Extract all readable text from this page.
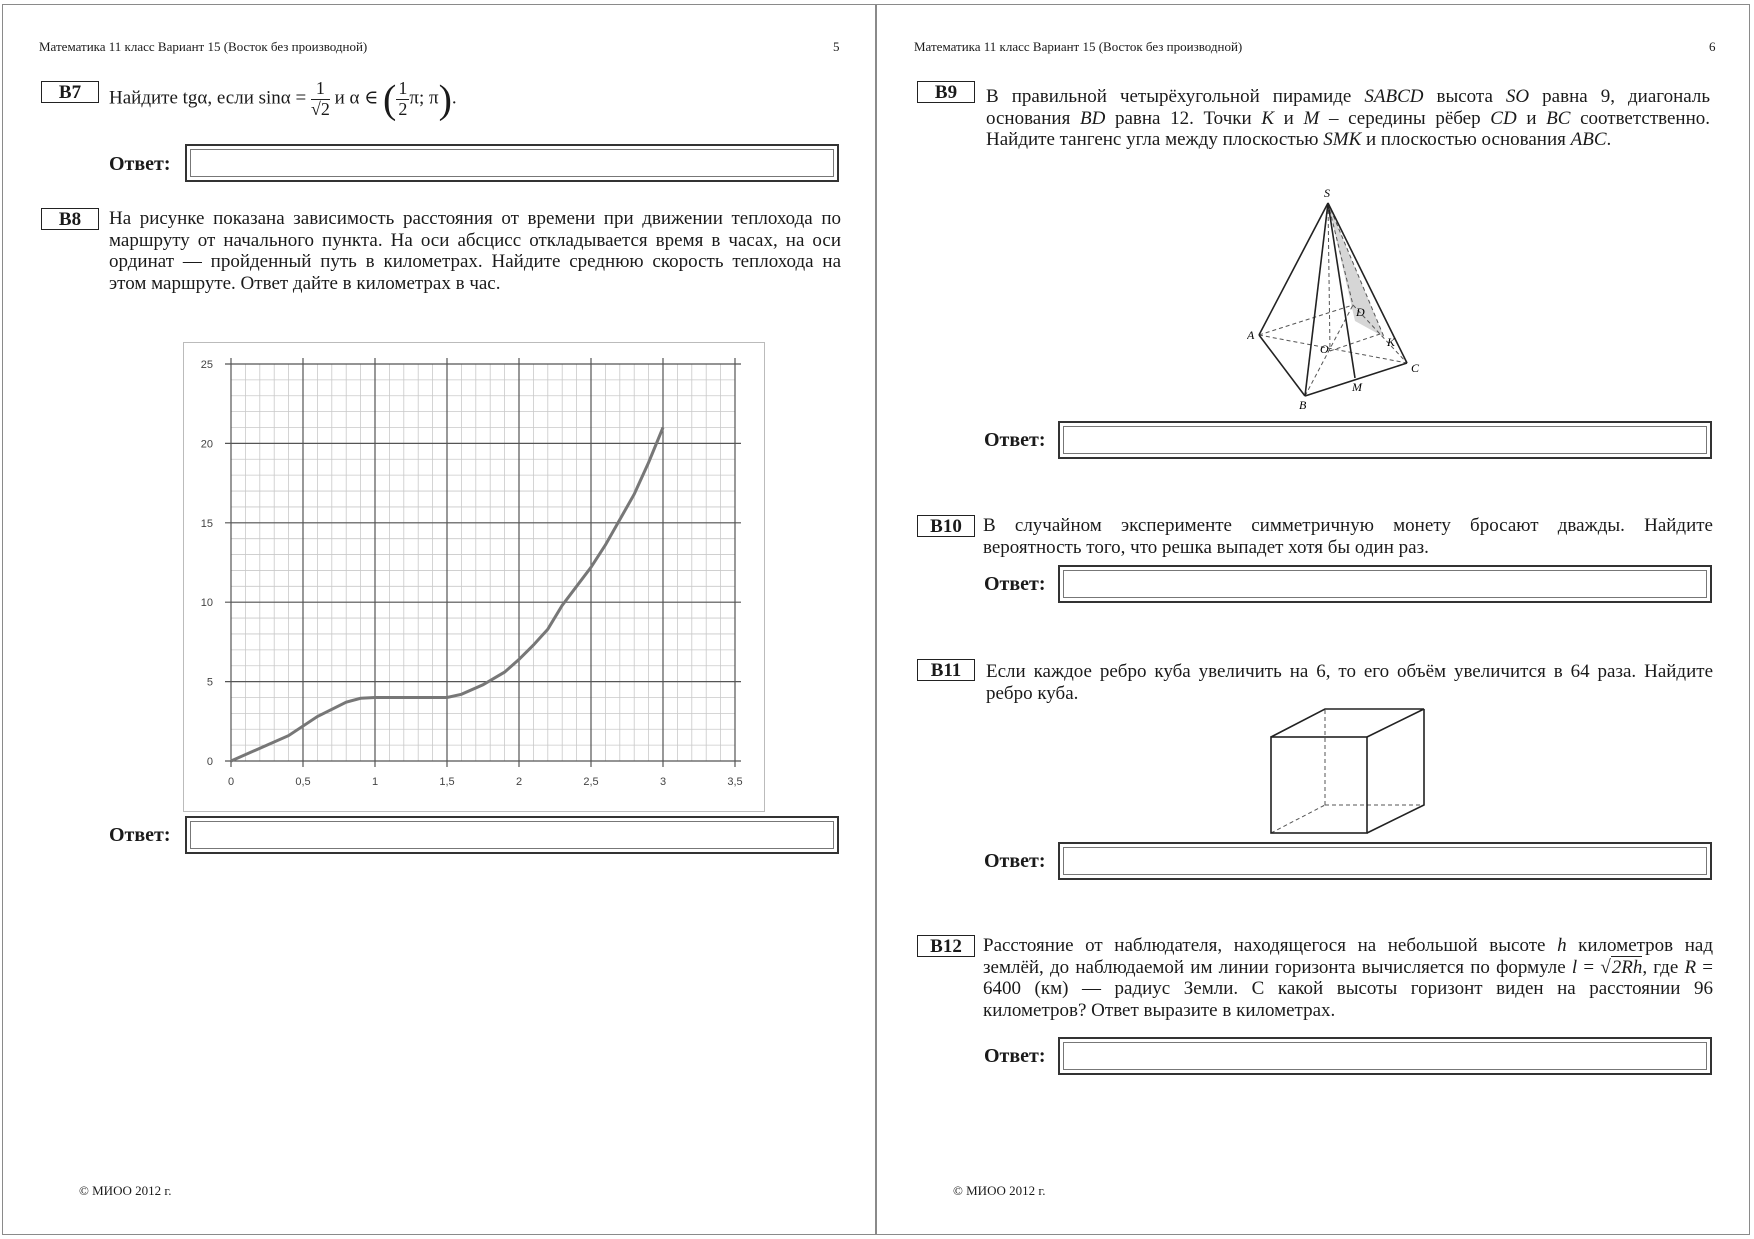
Математика 11 класс Вариант 15 (Восток без производной)	5
B7	Найдите tgα, если $\sin\alpha = \frac{1}{√2}$ и α ∈ ( $\frac{1}{2} \pi$; π).
Ответ:
B8	На рисунке показана зависимость расстояния от времени при движении теплохода по маршруту от начального пункта. На оси абсцисс откладывается время в часах, на оси ординат — пройденный путь в километрах. Найдите среднюю скорость теплохода на этом маршруте. Ответ дайте в километрах в час.
0	0,5	1	1,5	2	2,5	3	3,5
0
5
10
15
20
25
Ответ:
© МИОО 2012 г.
Математика 11 класс Вариант 15 (Восток без производной)	6
B9	В правильной четырёхугольной пирамиде SABCD высота SO равна 9, диагональ основания BD равна 12. Точки K и M – середины рёбер CD и BC соответственно. Найдите тангенс угла между плоскостью SMK и плоскостью основания ABC.
S
A
B
C
D
O	K
M
Ответ:
B10	В случайном эксперименте симметричную монету бросают дважды. Найдите вероятность того, что решка выпадет хотя бы один раз.
Ответ:
B11	Если каждое ребро куба увеличить на 6, то его объём увеличится в 64 раза. Найдите ребро куба.
Ответ:
B12	Расстояние от наблюдателя, находящегося на небольшой высоте h километров над землёй, до наблюдаемой им линии горизонта вычисляется по формуле l = √2Rh, где R = 6400 (км) — радиус Земли. С какой высоты горизонт виден на расстоянии 96 километров? Ответ выразите в километрах.
Ответ:
© МИОО 2012 г.
